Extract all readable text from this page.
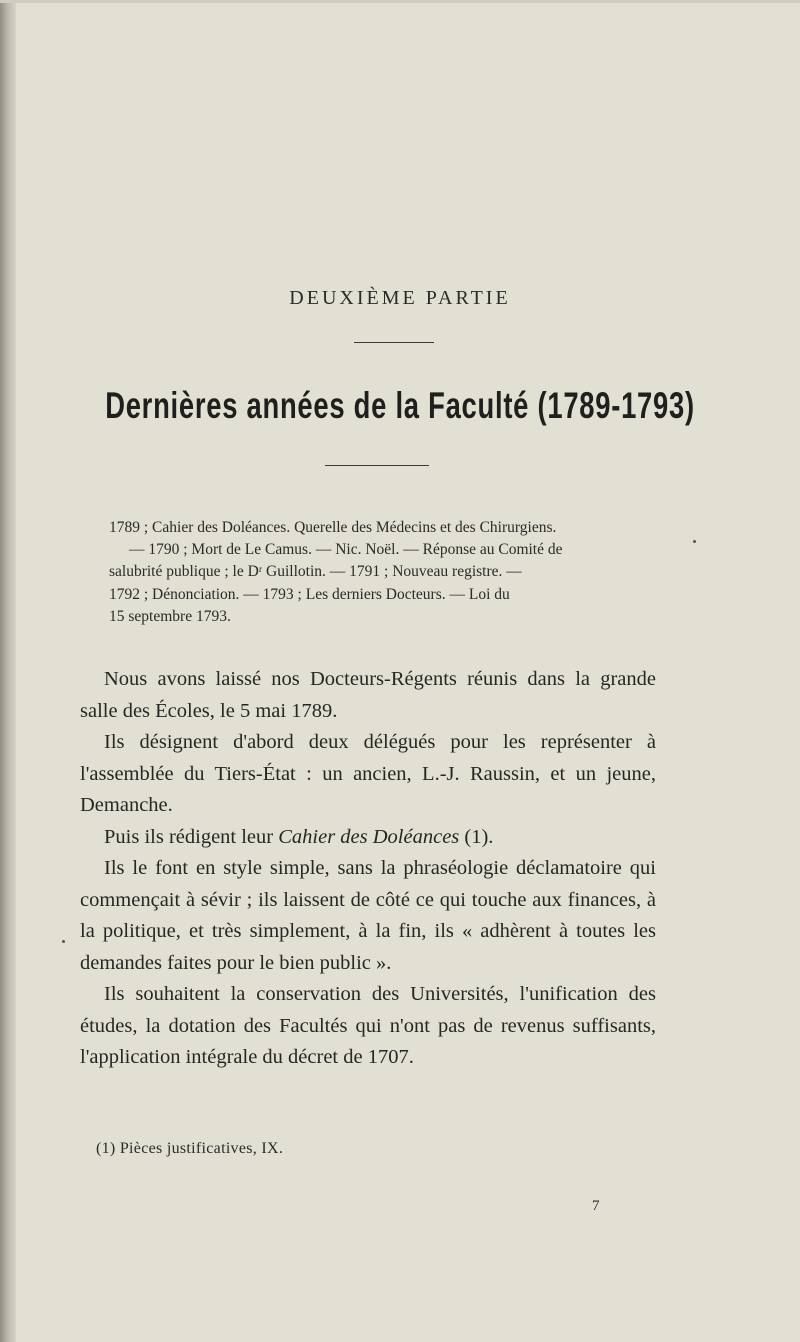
DEUXIÈME PARTIE
Dernières années de la Faculté (1789-1793)
1789 ; Cahier des Doléances. Querelle des Médecins et des Chirurgiens.
— 1790 ; Mort de Le Camus. — Nic. Noël. — Réponse au Comité de
salubrité publique ; le Dʳ Guillotin. — 1791 ; Nouveau registre. —
1792 ; Dénonciation. — 1793 ; Les derniers Docteurs. — Loi du
15 septembre 1793.

Nous avons laissé nos Docteurs-Régents réunis dans la grande salle des Écoles, le 5 mai 1789.

Ils désignent d'abord deux délégués pour les représenter à l'assemblée du Tiers-État : un ancien, L.-J. Raussin, et un jeune, Demanche.

Puis ils rédigent leur Cahier des Doléances (1).

Ils le font en style simple, sans la phraséologie déclamatoire qui commençait à sévir ; ils laissent de côté ce qui touche aux finances, à la politique, et très simplement, à la fin, ils « adhèrent à toutes les demandes faites pour le bien public ».

Ils souhaitent la conservation des Universités, l'unification des études, la dotation des Facultés qui n'ont pas de revenus suffisants, l'application intégrale du décret de 1707.

(1) Pièces justificatives, IX.
7
